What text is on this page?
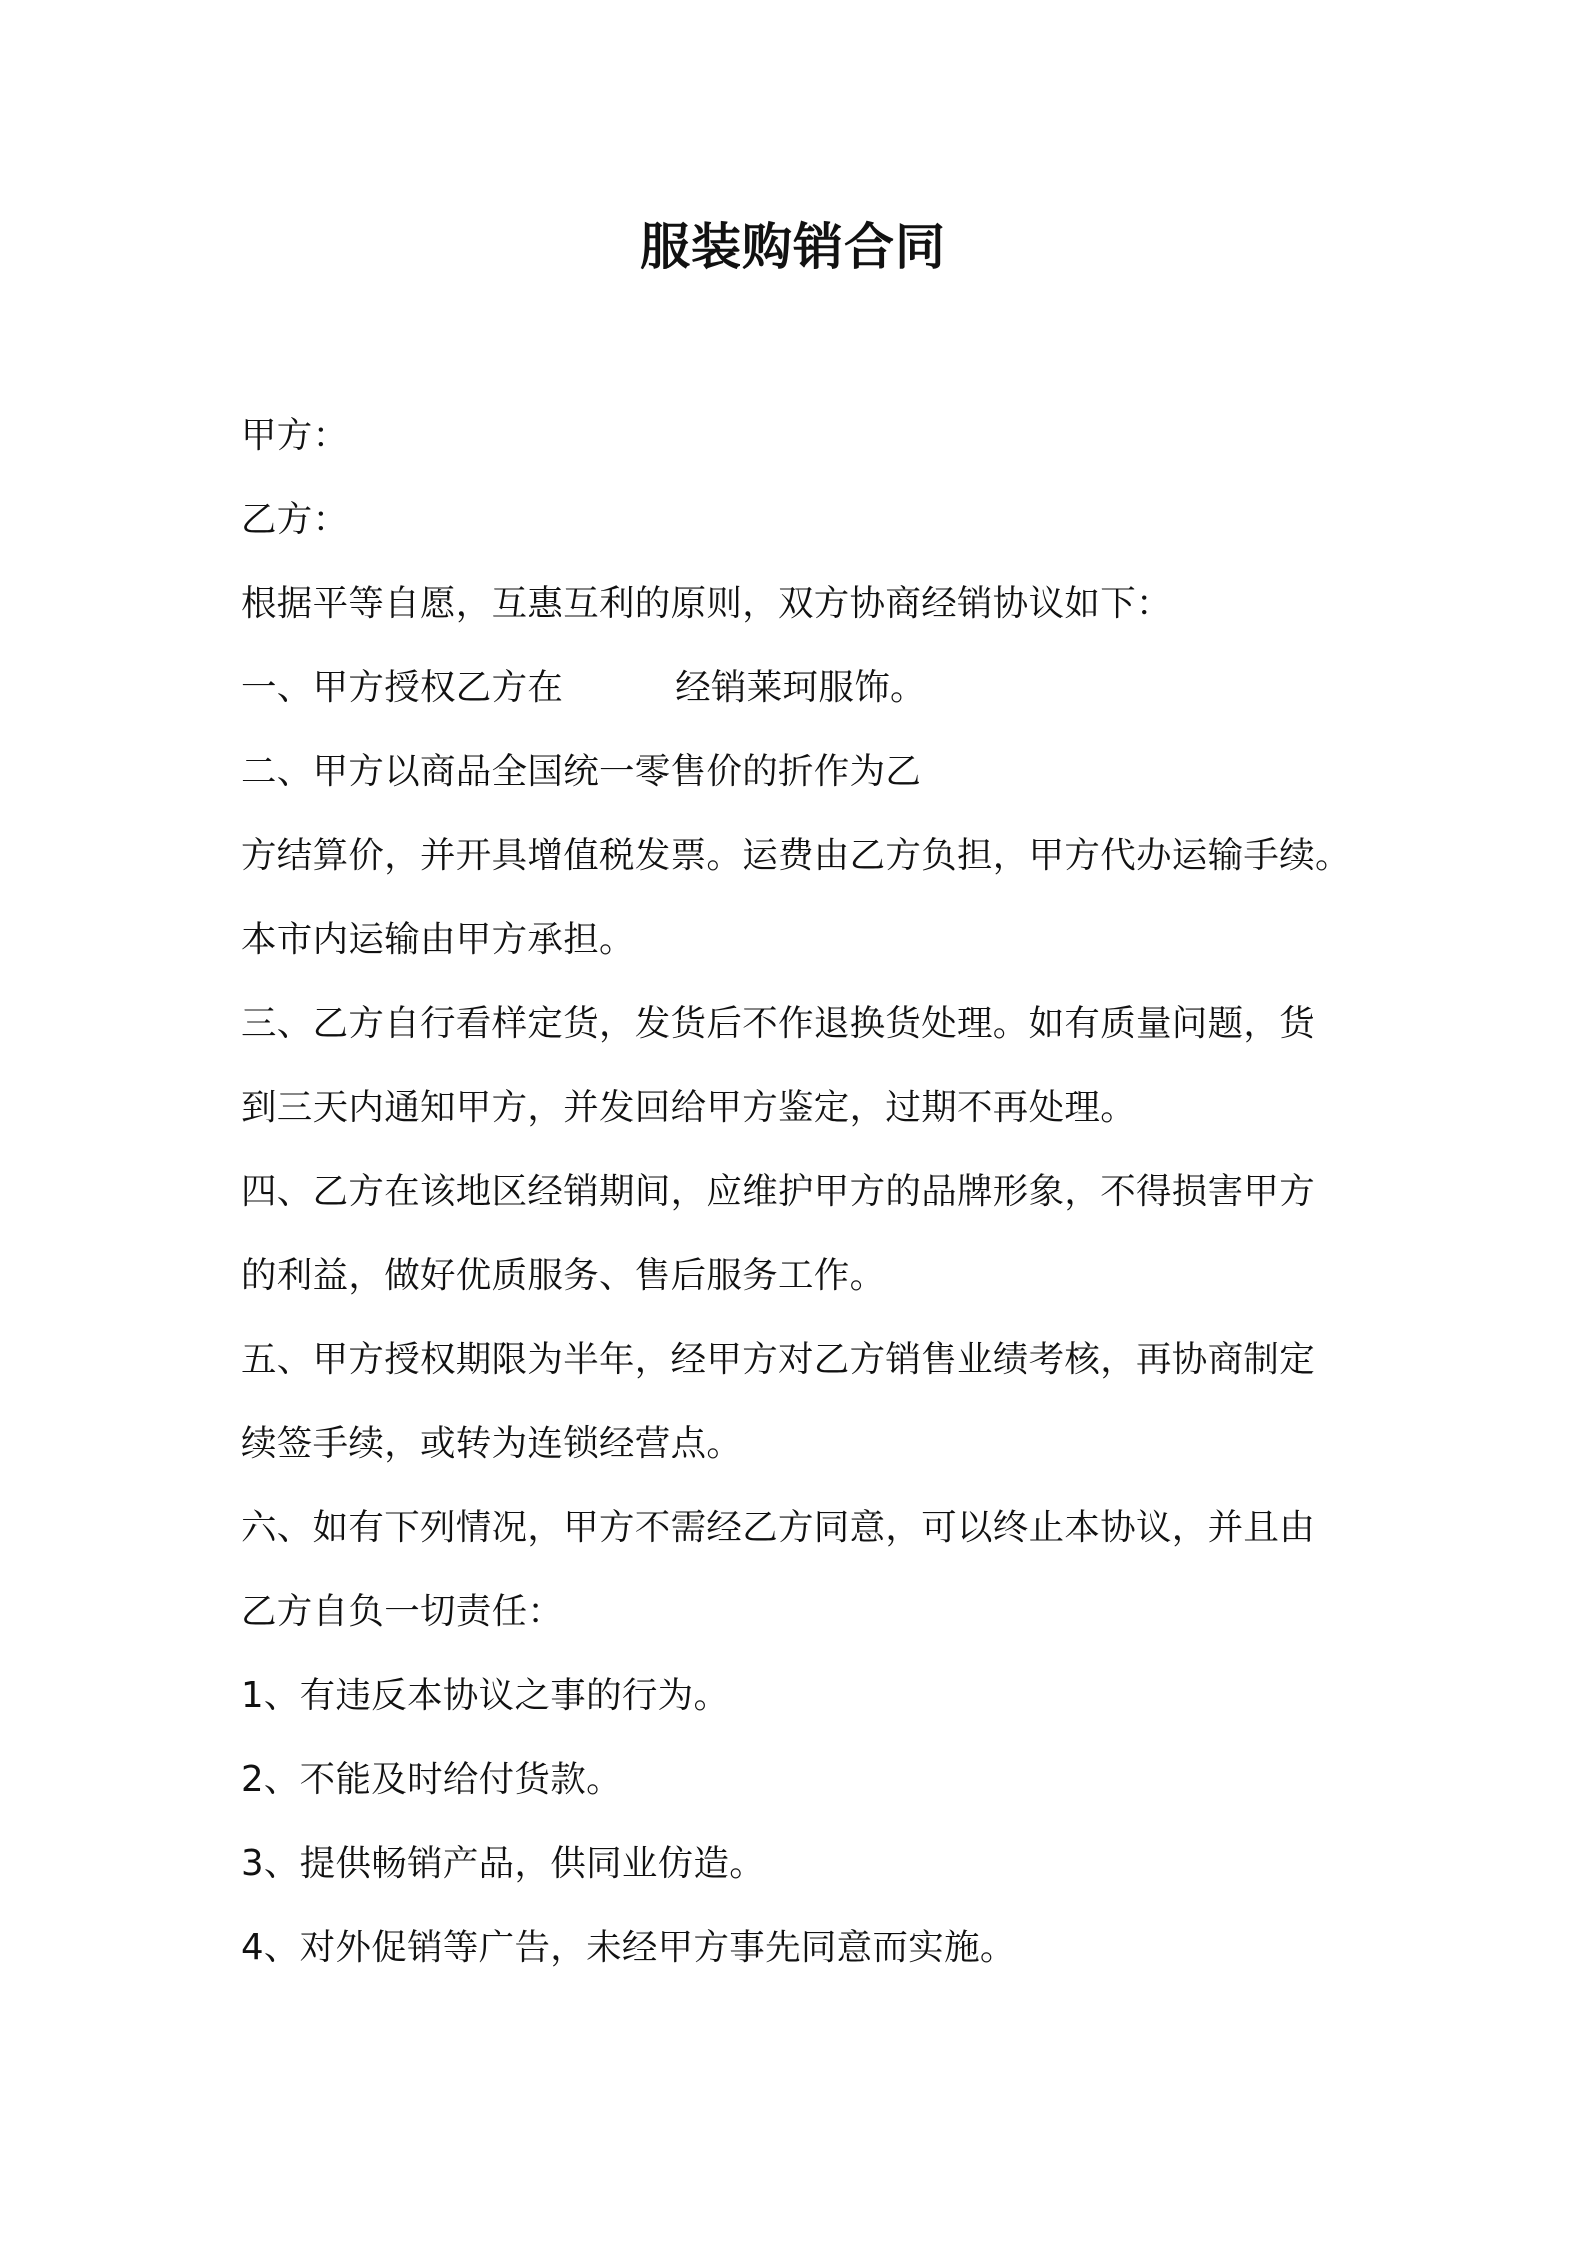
服装购销合同
甲方：
乙方：
根据平等自愿，互惠互利的原则，双方协商经销协议如下：
一、甲方授权乙方在	经销莱珂服饰。
二、甲方以商品全国统一零售价的折作为乙
方结算价，并开具增值税发票。运费由乙方负担，甲方代办运输手续。
本市内运输由甲方承担。
三、乙方自行看样定货，发货后不作退换货处理。如有质量问题，货
到三天内通知甲方，并发回给甲方鉴定，过期不再处理。
四、乙方在该地区经销期间，应维护甲方的品牌形象，不得损害甲方
的利益，做好优质服务、售后服务工作。
五、甲方授权期限为半年，经甲方对乙方销售业绩考核，再协商制定
续签手续，或转为连锁经营点。
六、如有下列情况，甲方不需经乙方同意，可以终止本协议，并且由
乙方自负一切责任：
1、有违反本协议之事的行为。
2、不能及时给付货款。
3、提供畅销产品，供同业仿造。
4、对外促销等广告，未经甲方事先同意而实施。
